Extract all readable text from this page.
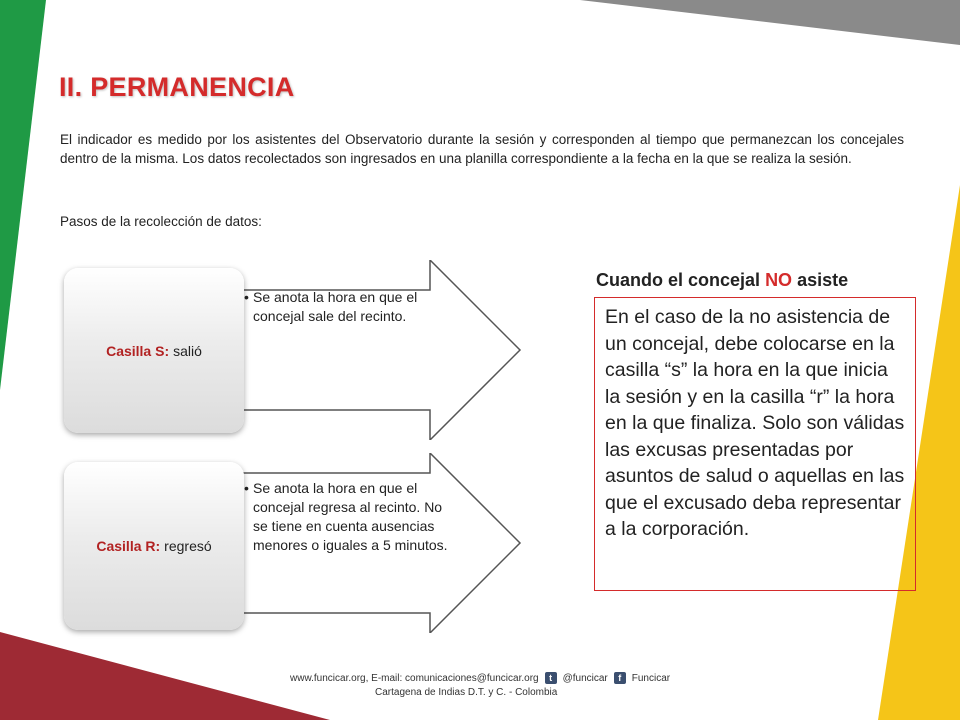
II. PERMANENCIA
El indicador es medido por los asistentes del Observatorio durante la sesión y corresponden al tiempo que permanezcan los concejales dentro de la misma. Los datos recolectados son ingresados en una planilla correspondiente a la fecha en la que se realiza la sesión.
Pasos de la recolección de datos:
• Se anota la hora en que el concejal sale del recinto.
Casilla S: salió
• Se anota la hora en que el concejal regresa al recinto. No se tiene en cuenta ausencias menores o iguales a 5 minutos.
Casilla R: regresó
Cuando el concejal NO asiste
En el caso de la no asistencia de un concejal, debe colocarse en la casilla “s” la hora en la que inicia la sesión y en la casilla “r” la hora en la que finaliza. Solo son válidas las excusas presentadas por asuntos de salud o aquellas en las que el excusado deba representar a la corporación.
www.funcicar.org, E-mail: comunicaciones@funcicar.org	t	@funcicar	f	Funcicar
Cartagena de Indias D.T. y C. - Colombia
